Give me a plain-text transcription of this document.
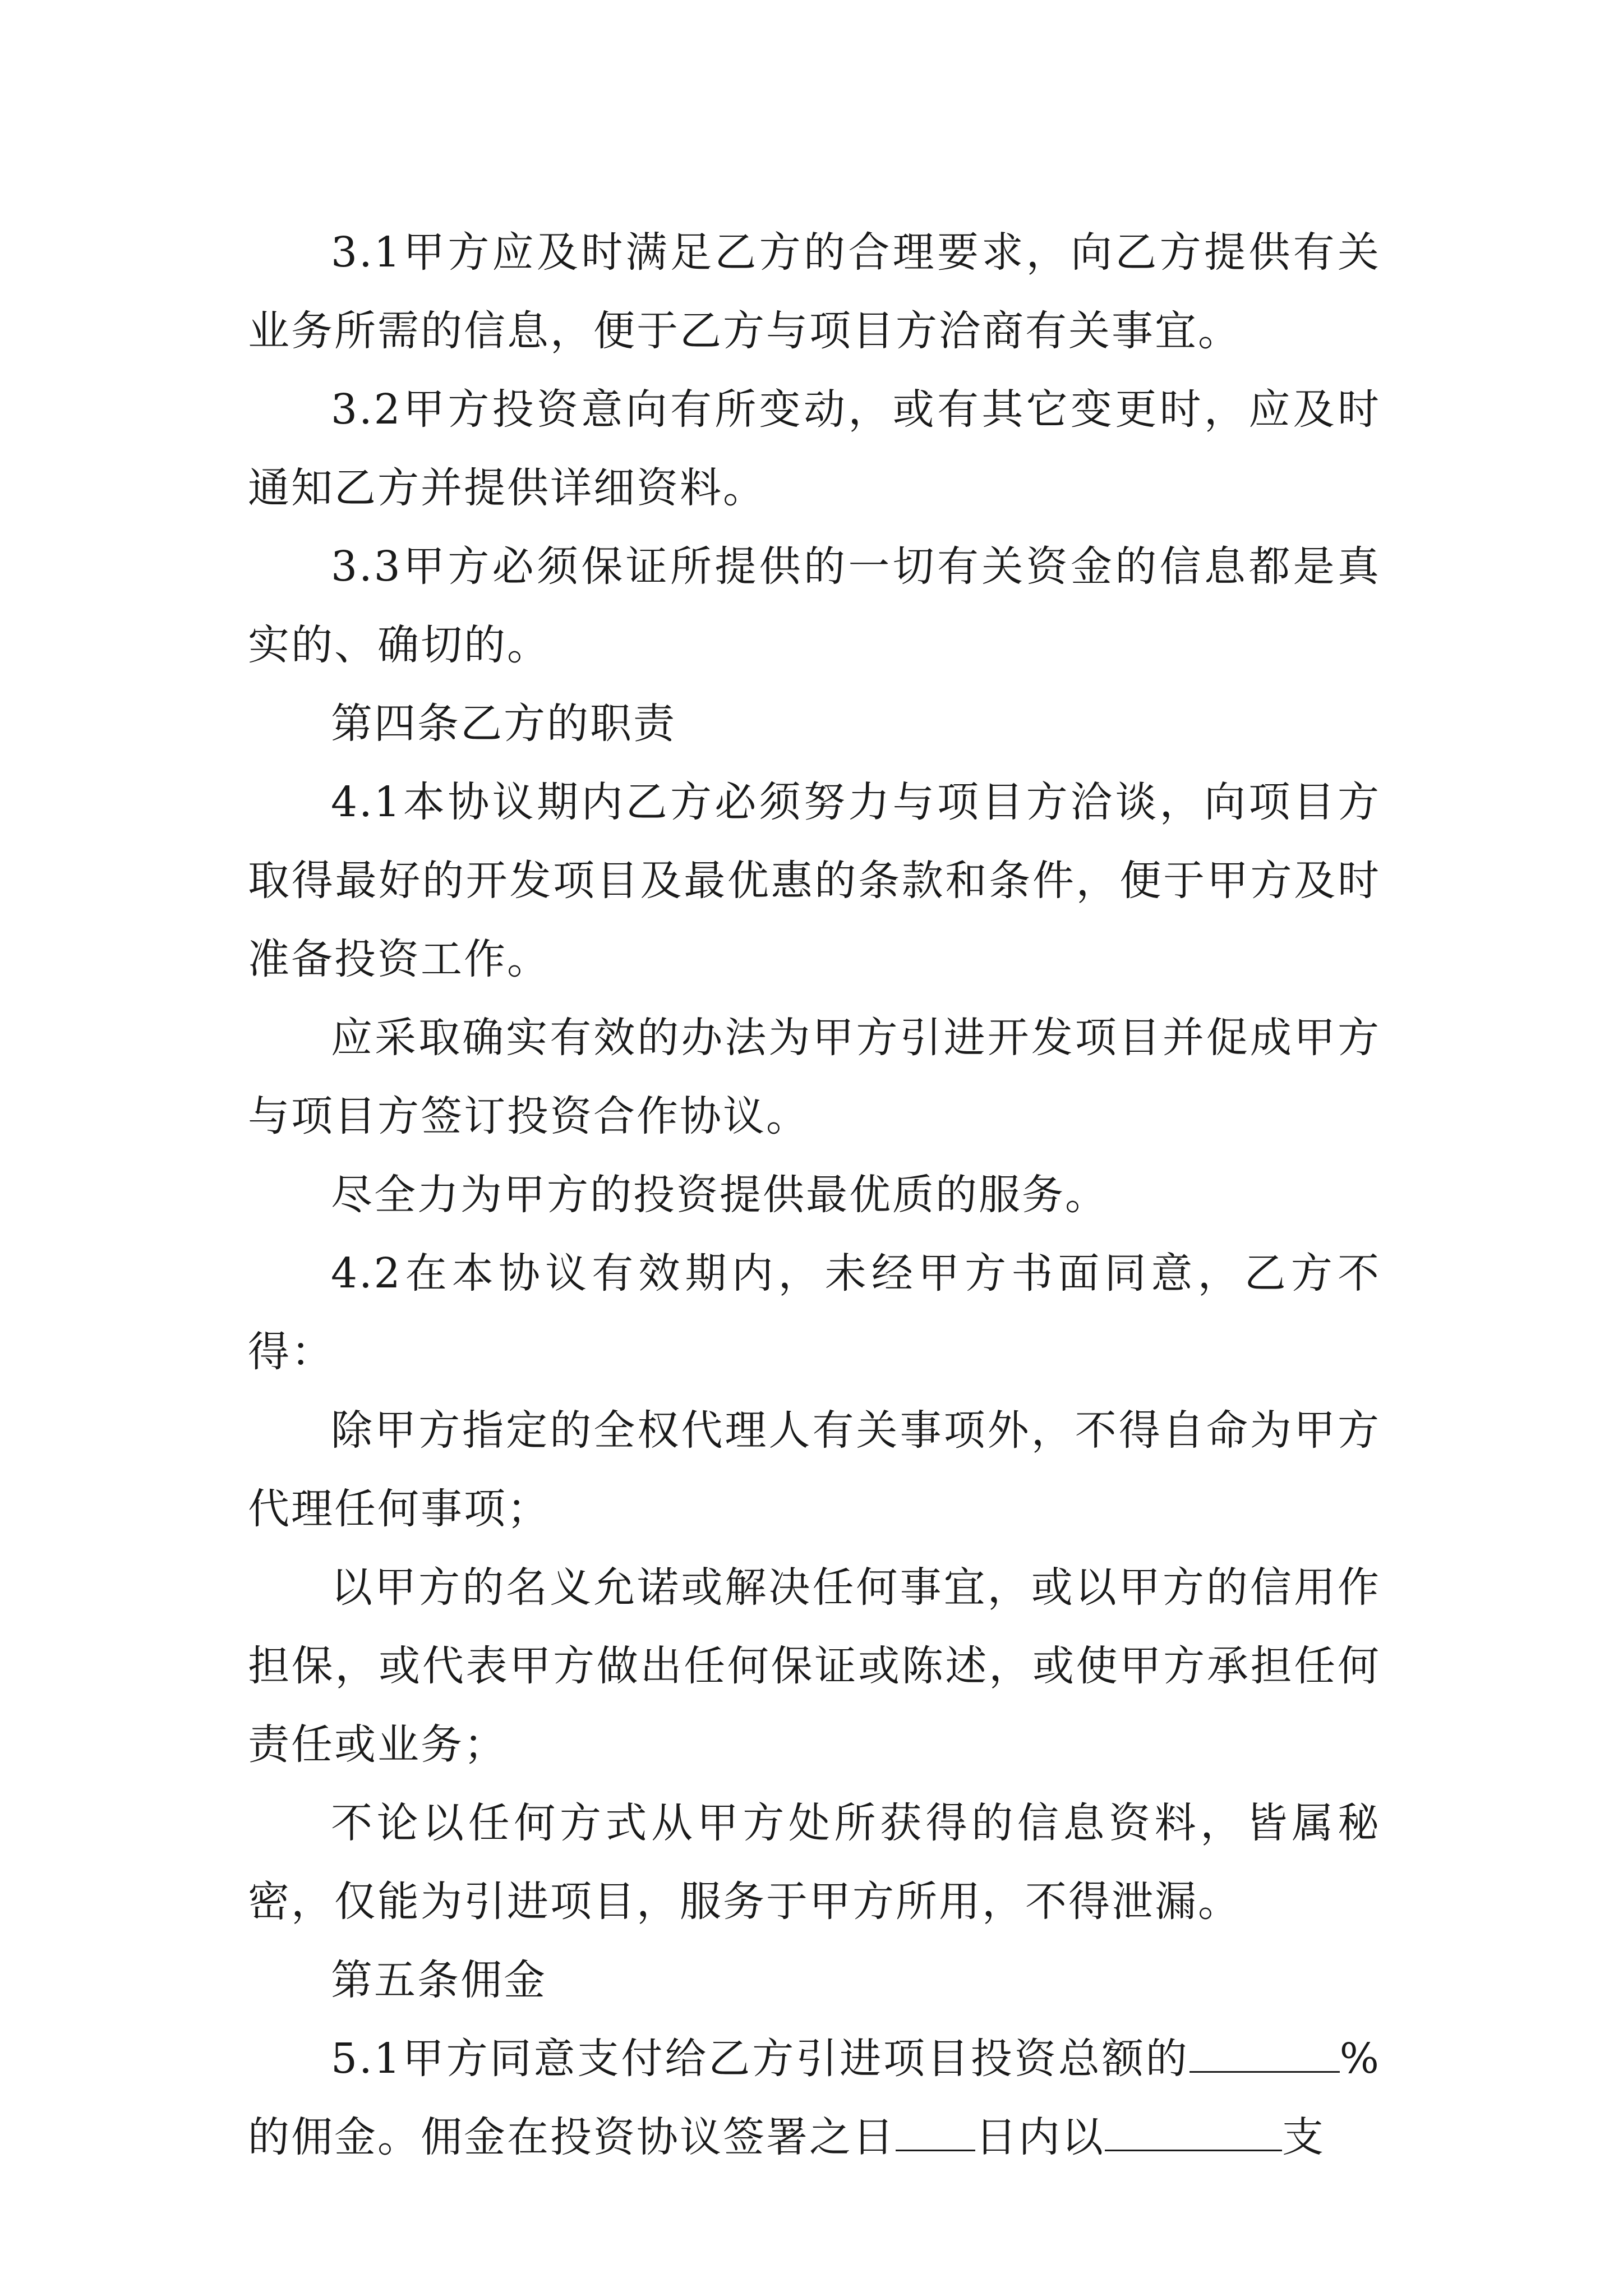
3.1甲方应及时满足乙方的合理要求，向乙方提供有关业务所需的信息，便于乙方与项目方洽商有关事宜。

3.2甲方投资意向有所变动，或有其它变更时，应及时通知乙方并提供详细资料。

3.3甲方必须保证所提供的一切有关资金的信息都是真实的、确切的。

第四条乙方的职责

4.1本协议期内乙方必须努力与项目方洽谈，向项目方取得最好的开发项目及最优惠的条款和条件，便于甲方及时准备投资工作。

应采取确实有效的办法为甲方引进开发项目并促成甲方与项目方签订投资合作协议。

尽全力为甲方的投资提供最优质的服务。

4.2在本协议有效期内，未经甲方书面同意，乙方不得：

除甲方指定的全权代理人有关事项外，不得自命为甲方代理任何事项；

以甲方的名义允诺或解决任何事宜，或以甲方的信用作担保，或代表甲方做出任何保证或陈述，或使甲方承担任何责任或业务；

不论以任何方式从甲方处所获得的信息资料，皆属秘密，仅能为引进项目，服务于甲方所用，不得泄漏。

第五条佣金

5.1甲方同意支付给乙方引进项目投资总额的	%的佣金。佣金在投资协议签署之日 日内以	支
